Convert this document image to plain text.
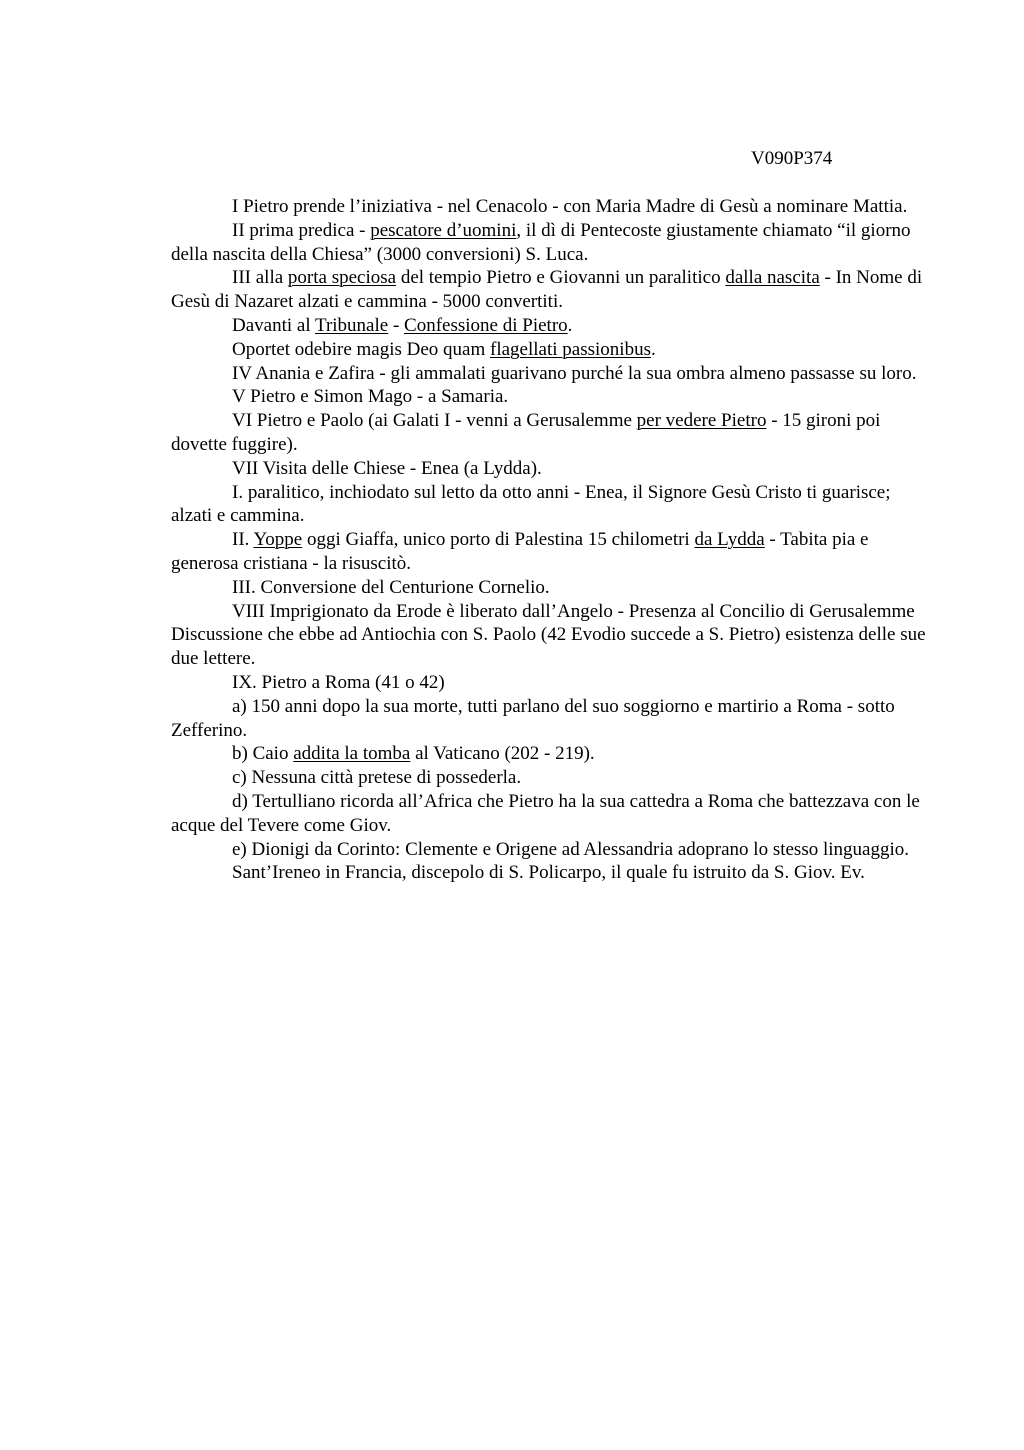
V090P374

I Pietro prende l’iniziativa - nel Cenacolo - con Maria Madre di Gesù a nominare Mattia.

II prima predica - pescatore d’uomini, il dì di Pentecoste giustamente chiamato “il giorno della nascita della Chiesa” (3000 conversioni) S. Luca.

III alla porta speciosa del tempio Pietro e Giovanni un paralitico dalla nascita - In Nome di Gesù di Nazaret alzati e cammina - 5000 convertiti.

Davanti al Tribunale - Confessione di Pietro.

Oportet odebire magis Deo quam flagellati passionibus.

IV Anania e Zafira - gli ammalati guarivano purché la sua ombra almeno passasse su loro.

V Pietro e Simon Mago - a Samaria.

VI Pietro e Paolo (ai Galati I - venni a Gerusalemme per vedere Pietro - 15 gironi poi dovette fuggire).

VII Visita delle Chiese - Enea (a Lydda).

I. paralitico, inchiodato sul letto da otto anni - Enea, il Signore Gesù Cristo ti guarisce; alzati e cammina.

II. Yoppe oggi Giaffa, unico porto di Palestina 15 chilometri da Lydda - Tabita pia e generosa cristiana - la risuscitò.

III. Conversione del Centurione Cornelio.

VIII Imprigionato da Erode è liberato dall’Angelo - Presenza al Concilio di Gerusalemme Discussione che ebbe ad Antiochia con S. Paolo (42 Evodio succede a S. Pietro) esistenza delle sue due lettere.

IX. Pietro a Roma (41 o 42)

a) 150 anni dopo la sua morte, tutti parlano del suo soggiorno e martirio a Roma - sotto Zefferino.

b) Caio addita la tomba al Vaticano (202 - 219).

c) Nessuna città pretese di possederla.

d) Tertulliano ricorda all’Africa che Pietro ha la sua cattedra a Roma che battezzava con le acque del Tevere come Giov.

e) Dionigi da Corinto: Clemente e Origene ad Alessandria adoprano lo stesso linguaggio.

Sant’Ireneo in Francia, discepolo di S. Policarpo, il quale fu istruito da S. Giov. Ev.
